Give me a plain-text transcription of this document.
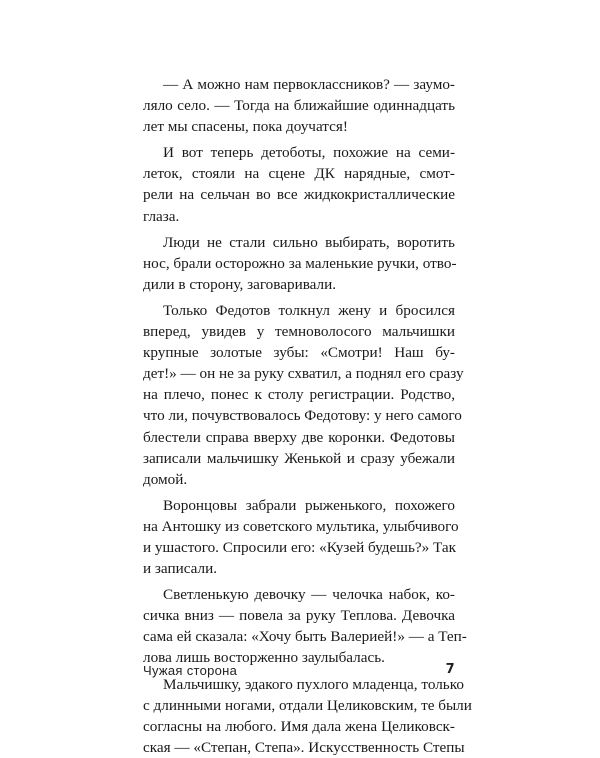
— А можно нам первоклассников? — заумо-
ляло село. — Тогда на ближайшие одиннадцать
лет мы спасены, пока доучатся!
И вот теперь детоботы, похожие на семи-
леток, стояли на сцене ДК нарядные, смот-
рели на сельчан во все жидкокристаллические
глаза.
Люди не стали сильно выбирать, воротить
нос, брали осторожно за маленькие ручки, отво-
дили в сторону, заговаривали.
Только Федотов толкнул жену и бросился
вперед, увидев у темноволосого мальчишки
крупные золотые зубы: «Смотри! Наш бу-
дет!» — он не за руку схватил, а поднял его сразу
на плечо, понес к столу регистрации. Родство,
что ли, почувствовалось Федотову: у него самого
блестели справа вверху две коронки. Федотовы
записали мальчишку Женькой и сразу убежали
домой.
Воронцовы забрали рыженького, похожего
на Антошку из советского мультика, улыбчивого
и ушастого. Спросили его: «Кузей будешь?» Так
и записали.
Светленькую девочку — челочка набок, ко-
сичка вниз — повела за руку Теплова. Девочка
сама ей сказала: «Хочу быть Валерией!» — а Теп-
лова лишь восторженно заулыбалась.
Мальчишку, эдакого пухлого младенца, только
с длинными ногами, отдали Целиковским, те были
согласны на любого. Имя дала жена Целиковск-
ская — «Степан, Степа». Искусственность Степы
Чужая сторона	7
